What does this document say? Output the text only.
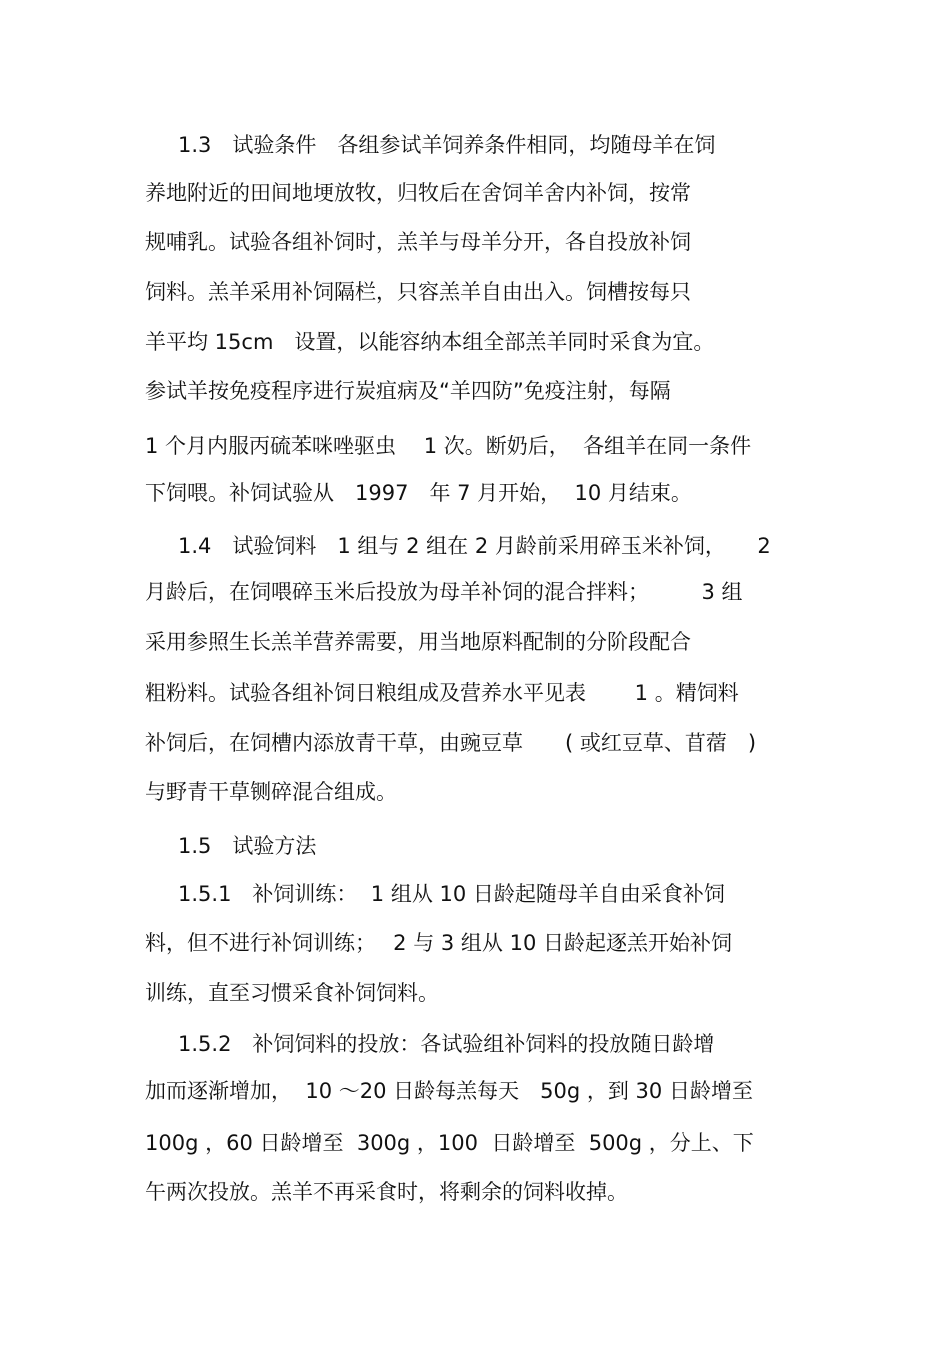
1.3　试验条件　各组参试羊饲养条件相同，均随母羊在饲
养地附近的田间地埂放牧，归牧后在舍饲羊舍内补饲，按常
规哺乳。试验各组补饲时，羔羊与母羊分开，各自投放补饲
饲料。羔羊采用补饲隔栏，只容羔羊自由出入。饲槽按每只
羊平均 15cm　设置，以能容纳本组全部羔羊同时采食为宜。
参试羊按免疫程序进行炭疽病及“羊四防”免疫注射，每隔
1 个月内服丙硫苯咪唑驱虫　 1 次。断奶后，  各组羊在同一条件
下饲喂。补饲试验从　1997　年 7 月开始，  10 月结束。
1.4　试验饲料　1 组与 2 组在 2 月龄前采用碎玉米补饲，　　2
月龄后，在饲喂碎玉米后投放为母羊补饲的混合拌料；　　　3 组
采用参照生长羔羊营养需要，用当地原料配制的分阶段配合
粗粉料。试验各组补饲日粮组成及营养水平见表　　 1 。精饲料
补饲后，在饲槽内添放青干草，由豌豆草　　( 或红豆草、苜蓿　)
与野青干草铡碎混合组成。
1.5　试验方法
1.5.1　补饲训练：  1 组从 10 日龄起随母羊自由采食补饲
料，但不进行补饲训练；　 2 与 3 组从 10 日龄起逐羔开始补饲
训练，直至习惯采食补饲饲料。
1.5.2　补饲饲料的投放：各试验组补饲料的投放随日龄增
加而逐渐增加，  10 ～20 日龄每羔每天　50g ，到 30 日龄增至
100g ，60 日龄增至  300g ，100  日龄增至  500g ，分上、下
午两次投放。羔羊不再采食时，将剩余的饲料收掉。
